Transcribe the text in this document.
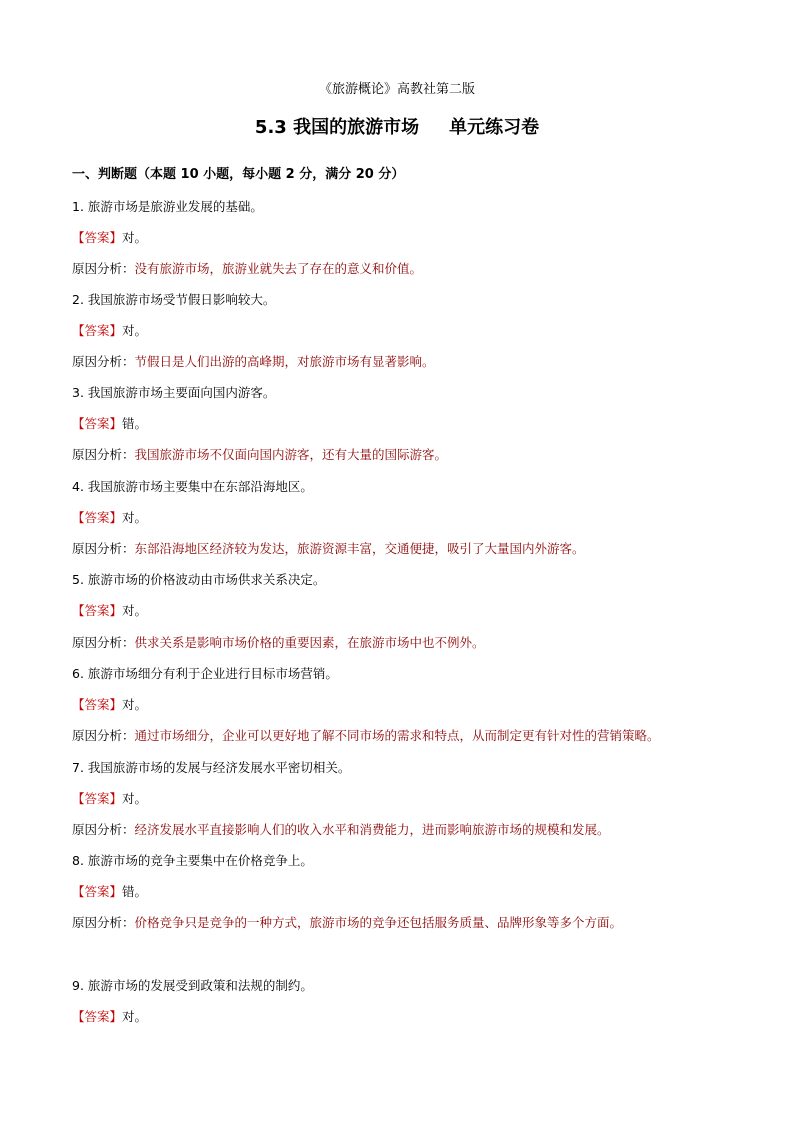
《旅游概论》高教社第二版
5.3 我国的旅游市场 单元练习卷
一、判断题（本题 10 小题，每小题 2 分，满分 20 分）
1. 旅游市场是旅游业发展的基础。
【答案】对。
原因分析：没有旅游市场，旅游业就失去了存在的意义和价值。
2. 我国旅游市场受节假日影响较大。
【答案】对。
原因分析：节假日是人们出游的高峰期，对旅游市场有显著影响。
3. 我国旅游市场主要面向国内游客。
【答案】错。
原因分析：我国旅游市场不仅面向国内游客，还有大量的国际游客。
4. 我国旅游市场主要集中在东部沿海地区。
【答案】对。
原因分析：东部沿海地区经济较为发达，旅游资源丰富，交通便捷，吸引了大量国内外游客。
5. 旅游市场的价格波动由市场供求关系决定。
【答案】对。
原因分析：供求关系是影响市场价格的重要因素，在旅游市场中也不例外。
6. 旅游市场细分有利于企业进行目标市场营销。
【答案】对。
原因分析：通过市场细分，企业可以更好地了解不同市场的需求和特点，从而制定更有针对性的营销策略。
7. 我国旅游市场的发展与经济发展水平密切相关。
【答案】对。
原因分析：经济发展水平直接影响人们的收入水平和消费能力，进而影响旅游市场的规模和发展。
8. 旅游市场的竞争主要集中在价格竞争上。
【答案】错。
原因分析：价格竞争只是竞争的一种方式，旅游市场的竞争还包括服务质量、品牌形象等多个方面。
9. 旅游市场的发展受到政策和法规的制约。
【答案】对。
